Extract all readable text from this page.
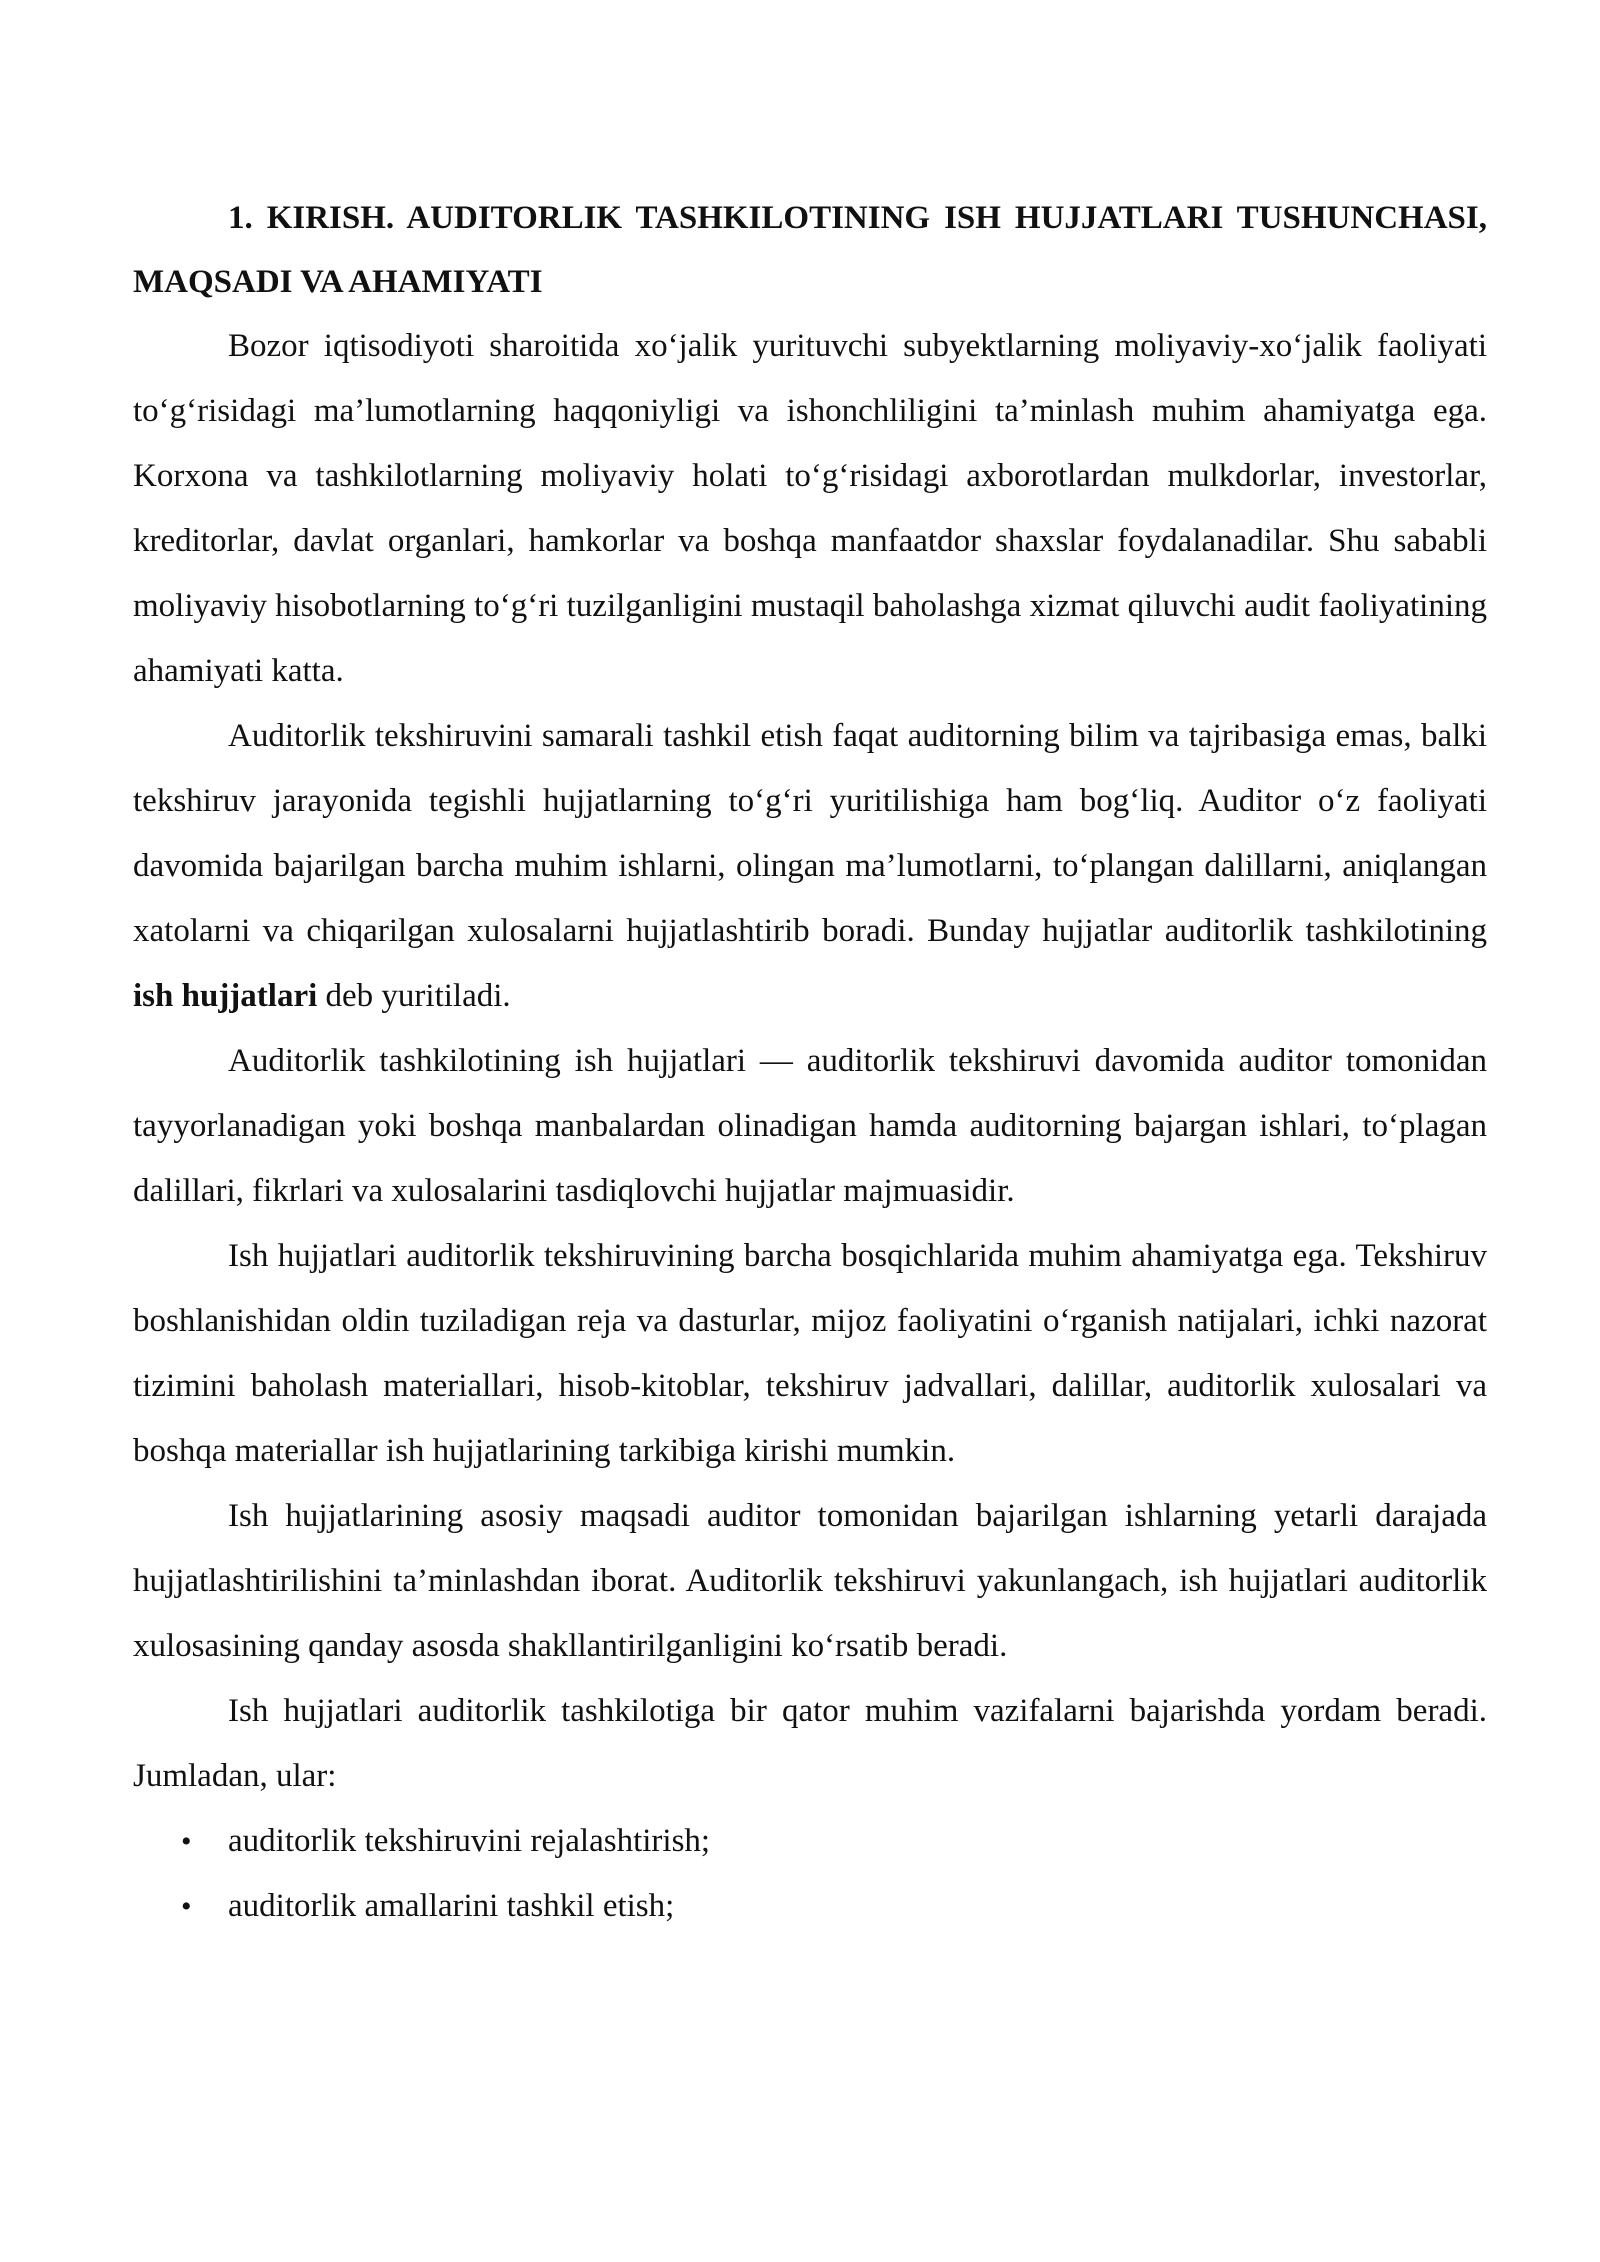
1. KIRISH. AUDITORLIK TASHKILOTINING ISH HUJJATLARI TUSHUNCHASI, MAQSADI VA AHAMIYATI

Bozor iqtisodiyoti sharoitida xo‘jalik yurituvchi subyektlarning moliyaviy-xo‘jalik faoliyati to‘g‘risidagi ma’lumotlarning haqqoniyligi va ishonchliligini ta’minlash muhim ahamiyatga ega. Korxona va tashkilotlarning moliyaviy holati to‘g‘risidagi axborotlardan mulkdorlar, investorlar, kreditorlar, davlat organlari, hamkorlar va boshqa manfaatdor shaxslar foydalanadilar. Shu sababli moliyaviy hisobotlarning to‘g‘ri tuzilganligini mustaqil baholashga xizmat qiluvchi audit faoliyatining ahamiyati katta.

Auditorlik tekshiruvini samarali tashkil etish faqat auditorning bilim va tajribasiga emas, balki tekshiruv jarayonida tegishli hujjatlarning to‘g‘ri yuritilishiga ham bog‘liq. Auditor o‘z faoliyati davomida bajarilgan barcha muhim ishlarni, olingan ma’lumotlarni, to‘plangan dalillarni, aniqlangan xatolarni va chiqarilgan xulosalarni hujjatlashtirib boradi. Bunday hujjatlar auditorlik tashkilotining ish hujjatlari deb yuritiladi.

Auditorlik tashkilotining ish hujjatlari — auditorlik tekshiruvi davomida auditor tomonidan tayyorlanadigan yoki boshqa manbalardan olinadigan hamda auditorning bajargan ishlari, to‘plagan dalillari, fikrlari va xulosalarini tasdiqlovchi hujjatlar majmuasidir.

Ish hujjatlari auditorlik tekshiruvining barcha bosqichlarida muhim ahamiyatga ega. Tekshiruv boshlanishidan oldin tuziladigan reja va dasturlar, mijoz faoliyatini o‘rganish natijalari, ichki nazorat tizimini baholash materiallari, hisob-kitoblar, tekshiruv jadvallari, dalillar, auditorlik xulosalari va boshqa materiallar ish hujjatlarining tarkibiga kirishi mumkin.

Ish hujjatlarining asosiy maqsadi auditor tomonidan bajarilgan ishlarning yetarli darajada hujjatlashtirilishini ta’minlashdan iborat. Auditorlik tekshiruvi yakunlangach, ish hujjatlari auditorlik xulosasining qanday asosda shakllantirilganligini ko‘rsatib beradi.

Ish hujjatlari auditorlik tashkilotiga bir qator muhim vazifalarni bajarishda yordam beradi. Jumladan, ular:

• auditorlik tekshiruvini rejalashtirish;
• auditorlik amallarini tashkil etish;
